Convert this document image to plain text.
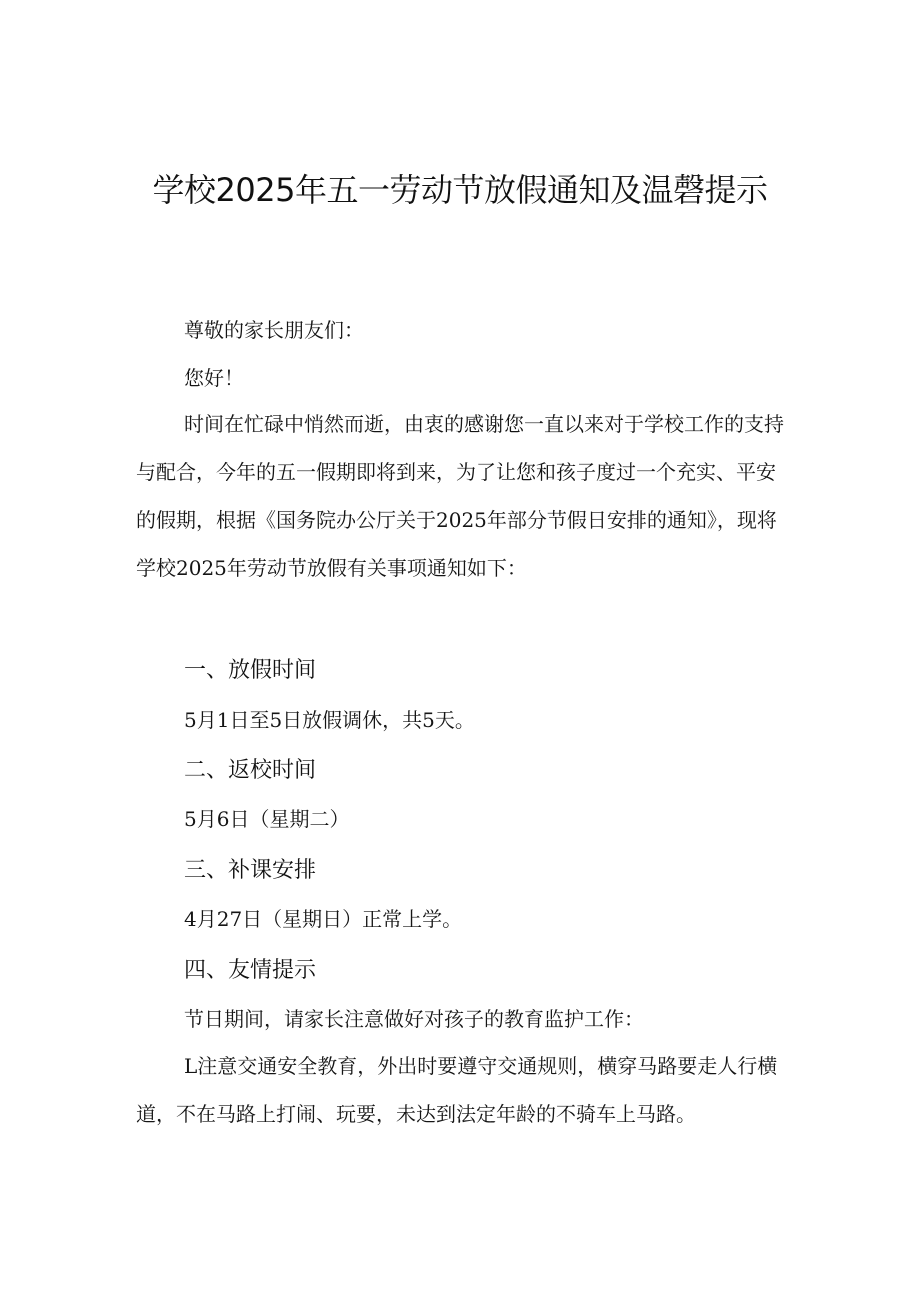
学校2025年五一劳动节放假通知及温磬提示
尊敬的家长朋友们：
您好！
时间在忙碌中悄然而逝，由衷的感谢您一直以来对于学校工作的支持与配合，今年的五一假期即将到来，为了让您和孩子度过一个充实、平安的假期，根据《国务院办公厅关于2025年部分节假日安排的通知》，现将学校2025年劳动节放假有关事项通知如下：
一、放假时间
5月1日至5日放假调休，共5天。
二、返校时间
5月6日（星期二）
三、补课安排
4月27日（星期日）正常上学。
四、友情提示
节日期间，请家长注意做好对孩子的教育监护工作：
L注意交通安全教育，外出时要遵守交通规则，横穿马路要走人行横道，不在马路上打闹、玩要，未达到法定年龄的不骑车上马路。
